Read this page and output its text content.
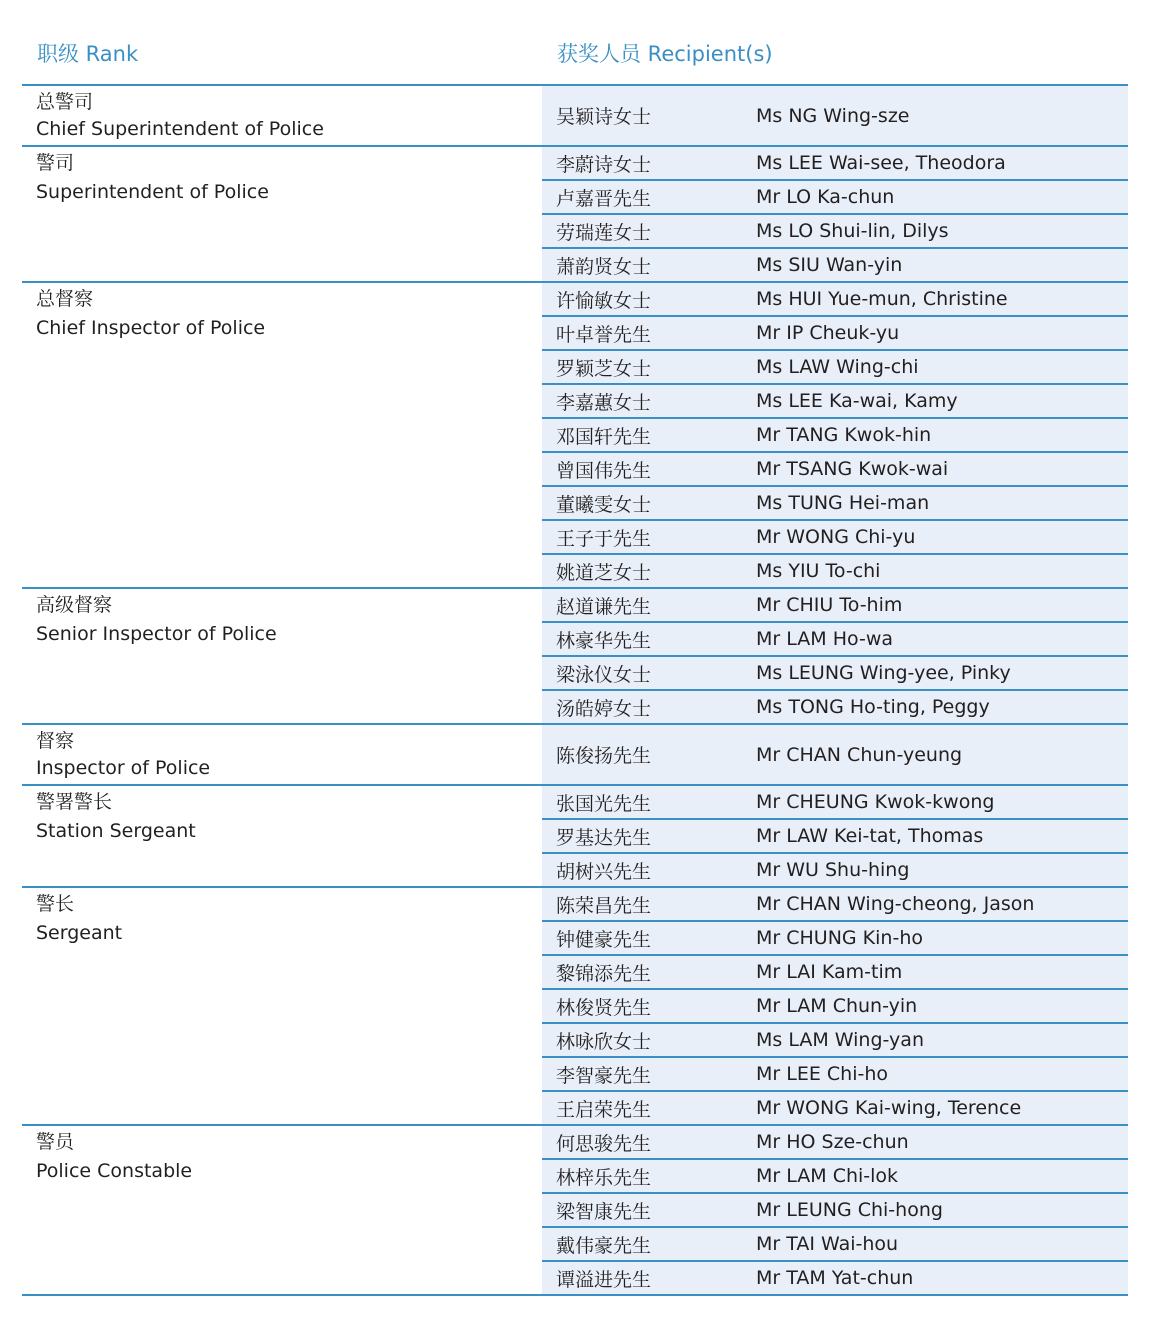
职级 Rank	获奖人员 Recipient(s)
总警司
Chief Superintendent of Police
吴颖诗女士	Ms NG Wing-sze
警司
Superintendent of Police
李蔚诗女士	Ms LEE Wai-see, Theodora
卢嘉晋先生	Mr LO Ka-chun
劳瑞莲女士	Ms LO Shui-lin, Dilys
萧韵贤女士	Ms SIU Wan-yin
总督察
Chief Inspector of Police
许愉敏女士	Ms HUI Yue-mun, Christine
叶卓誉先生	Mr IP Cheuk-yu
罗颖芝女士	Ms LAW Wing-chi
李嘉蕙女士	Ms LEE Ka-wai, Kamy
邓国轩先生	Mr TANG Kwok-hin
曾国伟先生	Mr TSANG Kwok-wai
董曦雯女士	Ms TUNG Hei-man
王子于先生	Mr WONG Chi-yu
姚道芝女士	Ms YIU To-chi
高级督察
Senior Inspector of Police
赵道谦先生	Mr CHIU To-him
林豪华先生	Mr LAM Ho-wa
梁泳仪女士	Ms LEUNG Wing-yee, Pinky
汤皓婷女士	Ms TONG Ho-ting, Peggy
督察
Inspector of Police
陈俊扬先生	Mr CHAN Chun-yeung
警署警长
Station Sergeant
张国光先生	Mr CHEUNG Kwok-kwong
罗基达先生	Mr LAW Kei-tat, Thomas
胡树兴先生	Mr WU Shu-hing
警长
Sergeant
陈荣昌先生	Mr CHAN Wing-cheong, Jason
钟健豪先生	Mr CHUNG Kin-ho
黎锦添先生	Mr LAI Kam-tim
林俊贤先生	Mr LAM Chun-yin
林咏欣女士	Ms LAM Wing-yan
李智豪先生	Mr LEE Chi-ho
王启荣先生	Mr WONG Kai-wing, Terence
警员
Police Constable
何思骏先生	Mr HO Sze-chun
林梓乐先生	Mr LAM Chi-lok
梁智康先生	Mr LEUNG Chi-hong
戴伟豪先生	Mr TAI Wai-hou
谭溢进先生	Mr TAM Yat-chun
